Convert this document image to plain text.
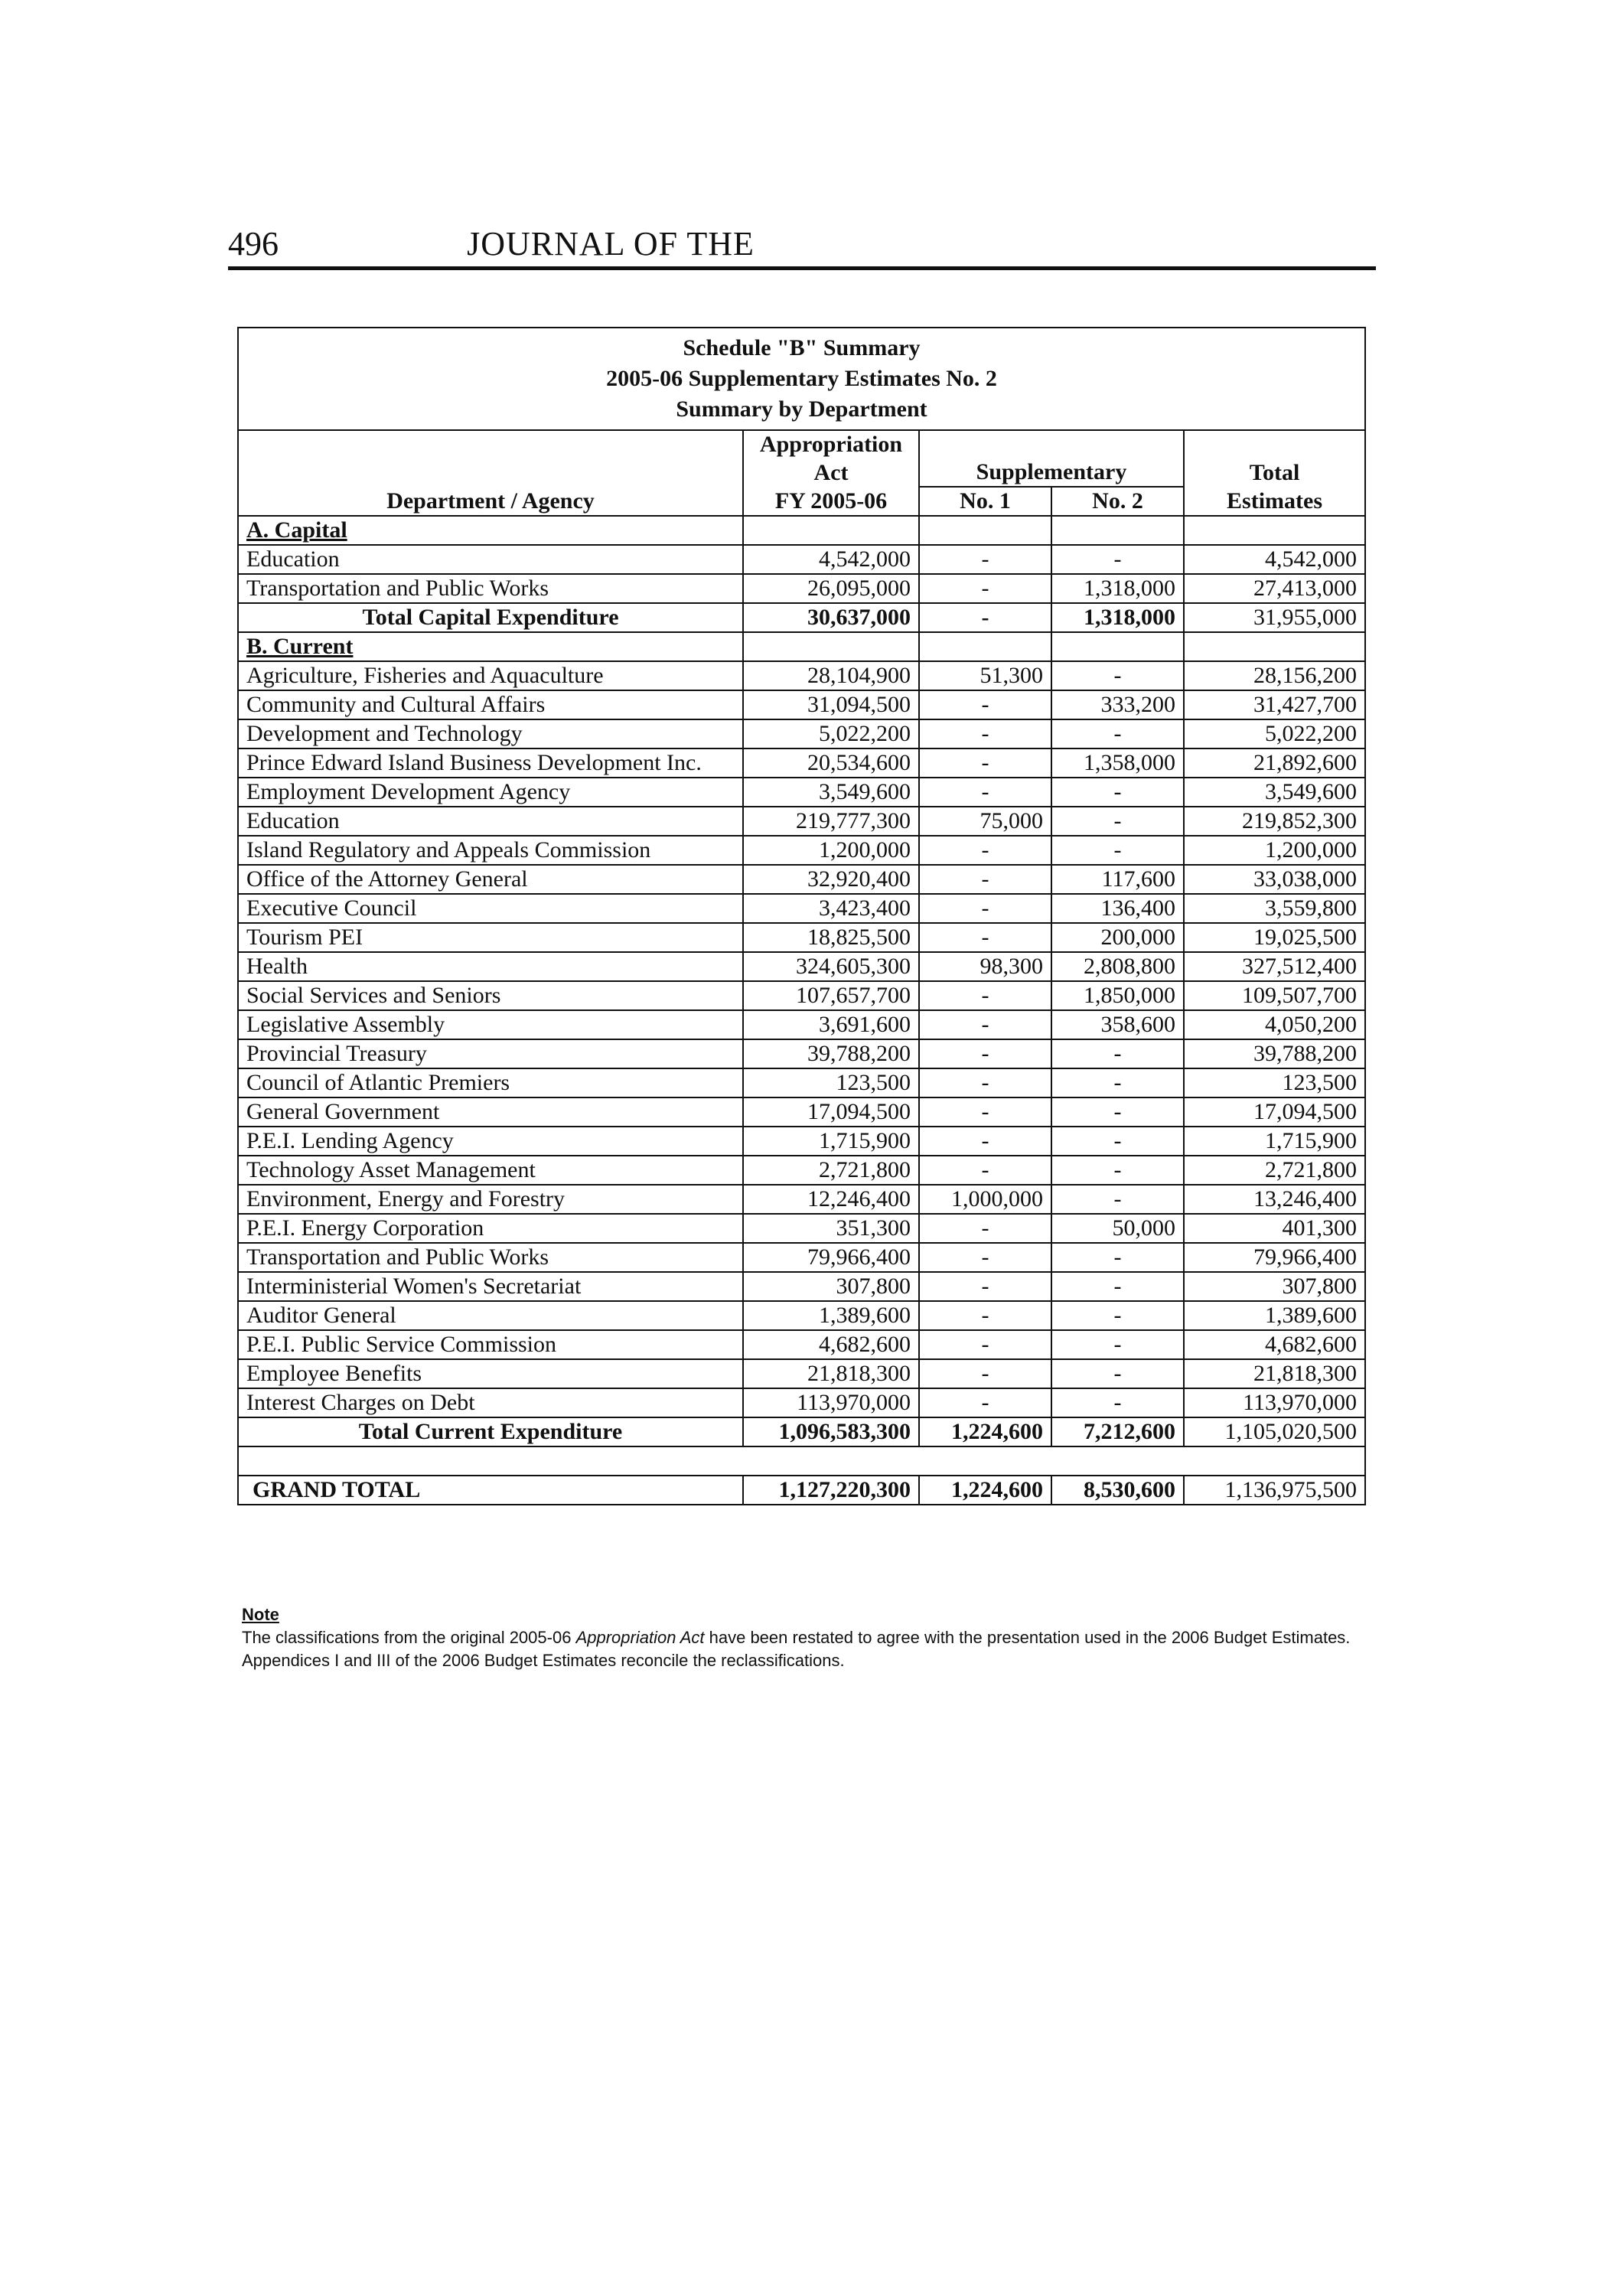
496	JOURNAL OF THE
Schedule "B" Summary
2005-06 Supplementary Estimates No. 2
Summary by Department				

	Appropriation			
	Act	Supplementary		Total
Department / Agency	FY 2005-06	No. 1	No. 2	Estimates
A. Capital				
Education	4,542,000	-	-	4,542,000
Transportation and Public Works	26,095,000	-	1,318,000	27,413,000
Total Capital Expenditure	30,637,000	-	1,318,000	31,955,000
B. Current				
Agriculture, Fisheries and Aquaculture	28,104,900	51,300	-	28,156,200
Community and Cultural Affairs	31,094,500	-	333,200	31,427,700
Development and Technology	5,022,200	-	-	5,022,200
Prince Edward Island Business Development Inc.	20,534,600	-	1,358,000	21,892,600
Employment Development Agency	3,549,600	-	-	3,549,600
Education	219,777,300	75,000	-	219,852,300
Island Regulatory and Appeals Commission	1,200,000	-	-	1,200,000
Office of the Attorney General	32,920,400	-	117,600	33,038,000
Executive Council	3,423,400	-	136,400	3,559,800
Tourism PEI	18,825,500	-	200,000	19,025,500
Health	324,605,300	98,300	2,808,800	327,512,400
Social Services and Seniors	107,657,700	-	1,850,000	109,507,700
Legislative Assembly	3,691,600	-	358,600	4,050,200
Provincial Treasury	39,788,200	-	-	39,788,200
Council of Atlantic Premiers	123,500	-	-	123,500
General Government	17,094,500	-	-	17,094,500
P.E.I. Lending Agency	1,715,900	-	-	1,715,900
Technology Asset Management	2,721,800	-	-	2,721,800
Environment, Energy and Forestry	12,246,400	1,000,000	-	13,246,400
P.E.I. Energy Corporation	351,300	-	50,000	401,300
Transportation and Public Works	79,966,400	-	-	79,966,400
Interministerial Women's Secretariat	307,800	-	-	307,800
Auditor General	1,389,600	-	-	1,389,600
P.E.I. Public Service Commission	4,682,600	-	-	4,682,600
Employee Benefits	21,818,300	-	-	21,818,300
Interest Charges on Debt	113,970,000	-	-	113,970,000
Total Current Expenditure	1,096,583,300	1,224,600	7,212,600	1,105,020,500

GRAND TOTAL	1,127,220,300	1,224,600	8,530,600	1,136,975,500
Note
The classifications from the original 2005-06 Appropriation Act have been restated to agree with the presentation used in the 2006 Budget Estimates. Appendices I and III of the 2006 Budget Estimates reconcile the reclassifications.
